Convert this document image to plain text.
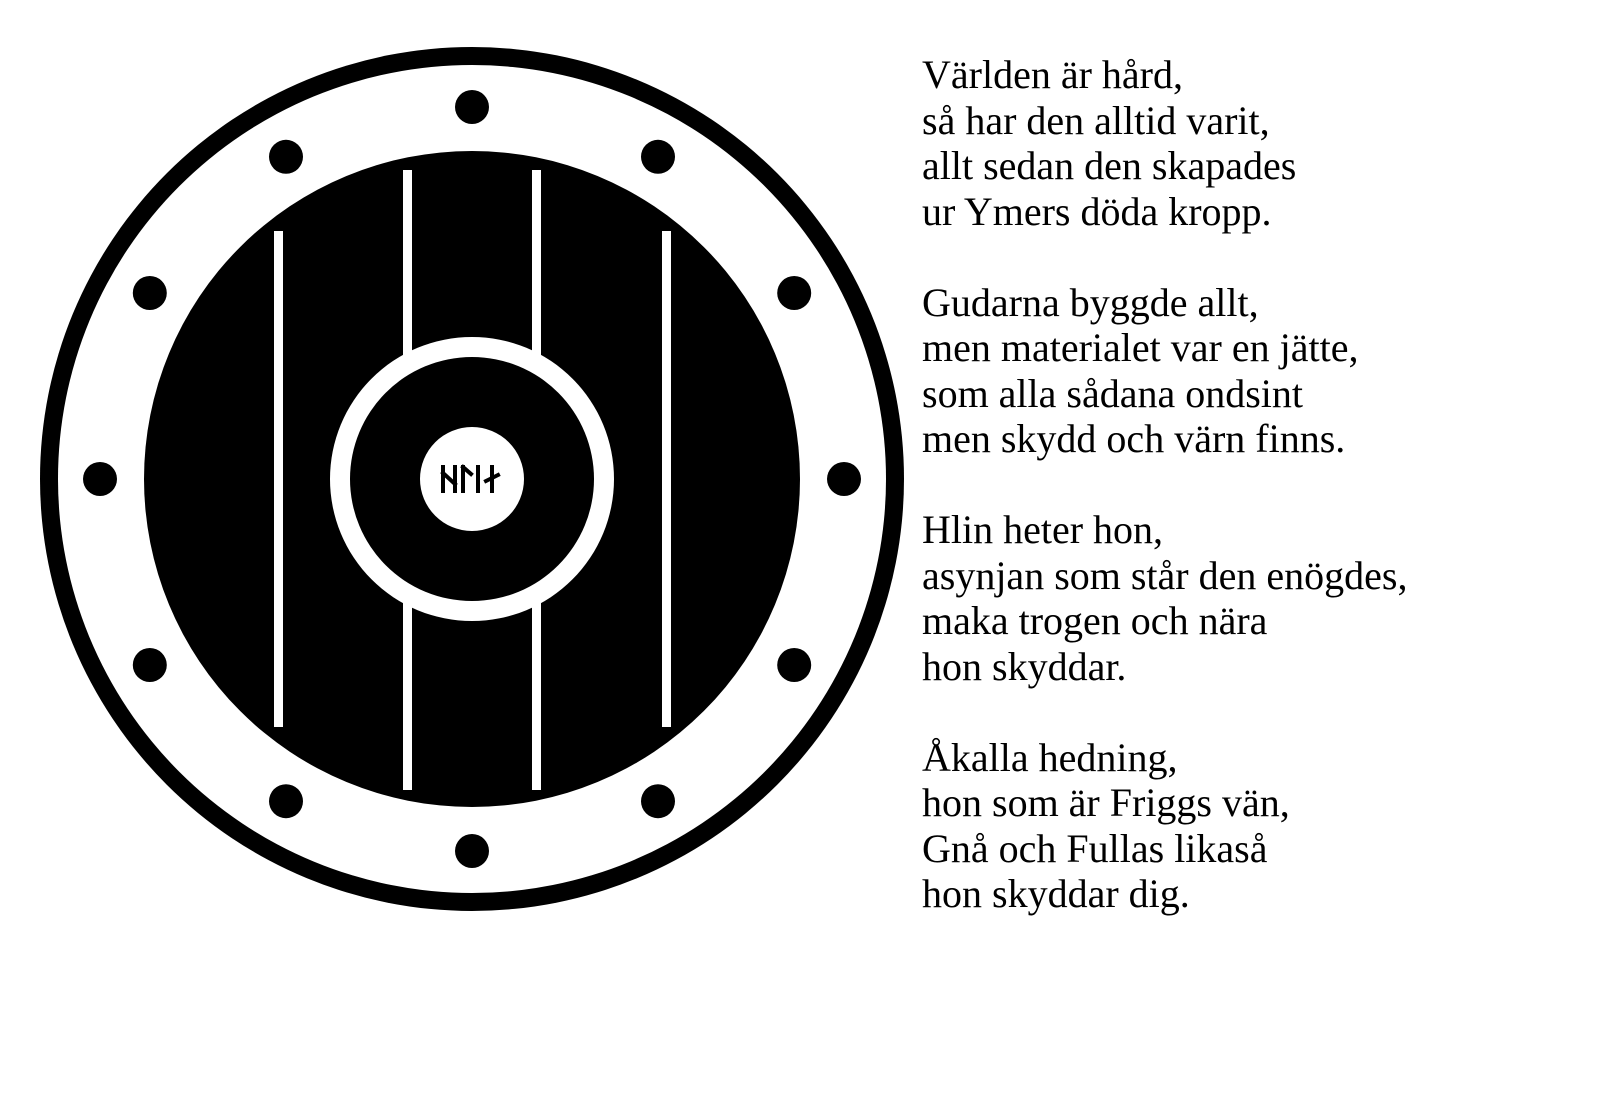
Världen är hård,
så har den alltid varit,
allt sedan den skapades
ur Ymers döda kropp.
Gudarna byggde allt,
men materialet var en jätte,
som alla sådana ondsint
men skydd och värn finns.
Hlin heter hon,
asynjan som står den enögdes,
maka trogen och nära
hon skyddar.
Åkalla hedning,
hon som är Friggs vän,
Gnå och Fullas likaså
hon skyddar dig.
